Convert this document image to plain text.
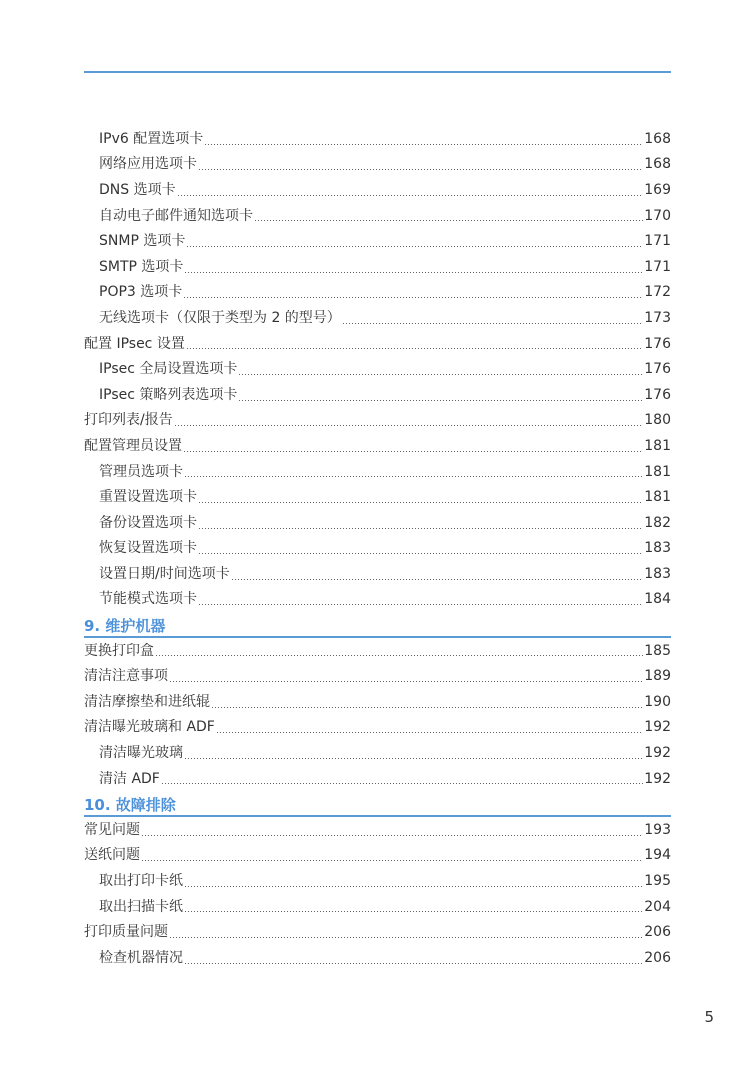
IPv6 配置选项卡	168
网络应用选项卡	168
DNS 选项卡	169
自动电子邮件通知选项卡	170
SNMP 选项卡	171
SMTP 选项卡	171
POP3 选项卡	172
无线选项卡（仅限于类型为 2 的型号）	173
配置 IPsec 设置	176
IPsec 全局设置选项卡	176
IPsec 策略列表选项卡	176
打印列表/报告	180
配置管理员设置	181
管理员选项卡	181
重置设置选项卡	181
备份设置选项卡	182
恢复设置选项卡	183
设置日期/时间选项卡	183
节能模式选项卡	184
9. 维护机器
更换打印盒	185
清洁注意事项	189
清洁摩擦垫和进纸辊	190
清洁曝光玻璃和 ADF	192
清洁曝光玻璃	192
清洁 ADF	192
10. 故障排除
常见问题	193
送纸问题	194
取出打印卡纸	195
取出扫描卡纸	204
打印质量问题	206
检查机器情况	206
5
